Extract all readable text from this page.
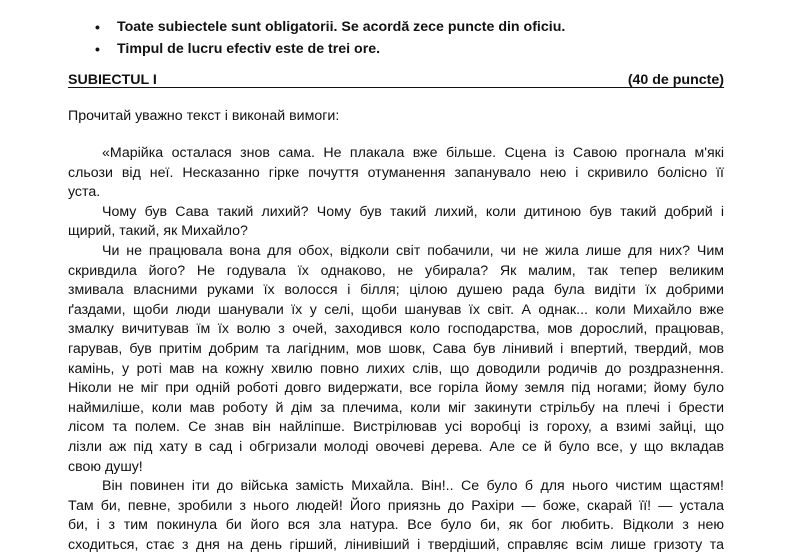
• Toate subiectele sunt obligatorii. Se acordă zece puncte din oficiu.
• Timpul de lucru efectiv este de trei ore.
SUBIECTUL I	(40 de puncte)
Прочитай уважно текст і виконай вимоги:
«Марійка осталася знов сама. Не плакала вже більше. Сцена із Савою прогнала м'які
сльози від неї. Несказанно гірке почуття отуманення запанувало нею і скривило болісно її
уста.
Чому був Сава такий лихий? Чому був такий лихий, коли дитиною був такий добрий і
щирий, такий, як Михайло?
Чи не працювала вона для обох, відколи світ побачили, чи не жила лише для них? Чим
скривдила його? Не годувала їх однаково, не убирала? Як малим, так тепер великим
змивала власними руками їх волосся і білля; цілою душею рада була видіти їх добрими
ґаздами, щоби люди шанували їх у селі, щоби шанував їх світ. А однак... коли Михайло вже
змалку вичитував їм їх волю з очей, заходився коло господарства, мов дорослий, працював,
гарував, був притім добрим та лагідним, мов шовк, Сава був лінивий і впертий, твердий, мов
камінь, у роті мав на кожну хвилю повно лихих слів, що доводили родичів до роздразнення.
Ніколи не міг при одній роботі довго видержати, все горіла йому земля під ногами; йому було
наймиліше, коли мав роботу й дім за плечима, коли міг закинути стрільбу на плечі і брести
лісом та полем. Се знав він найліпше. Вистрілював усі воробці із гороху, а взимі зайці, що
лізли аж під хату в сад і обгризали молоді овочеві дерева. Але се й було все, у що вкладав
свою душу!
Він повинен іти до війська замість Михайла. Він!.. Се було б для нього чистим щастям!
Там би, певне, зробили з нього людей! Його приязнь до Рахіри — боже, скарай її! — устала
би, і з тим покинула би його вся зла натура. Все було би, як бог любить. Відколи з нею
сходиться, стає з дня на день гірший, лінивіший і твердіший, справляє всім лише гризоту та
